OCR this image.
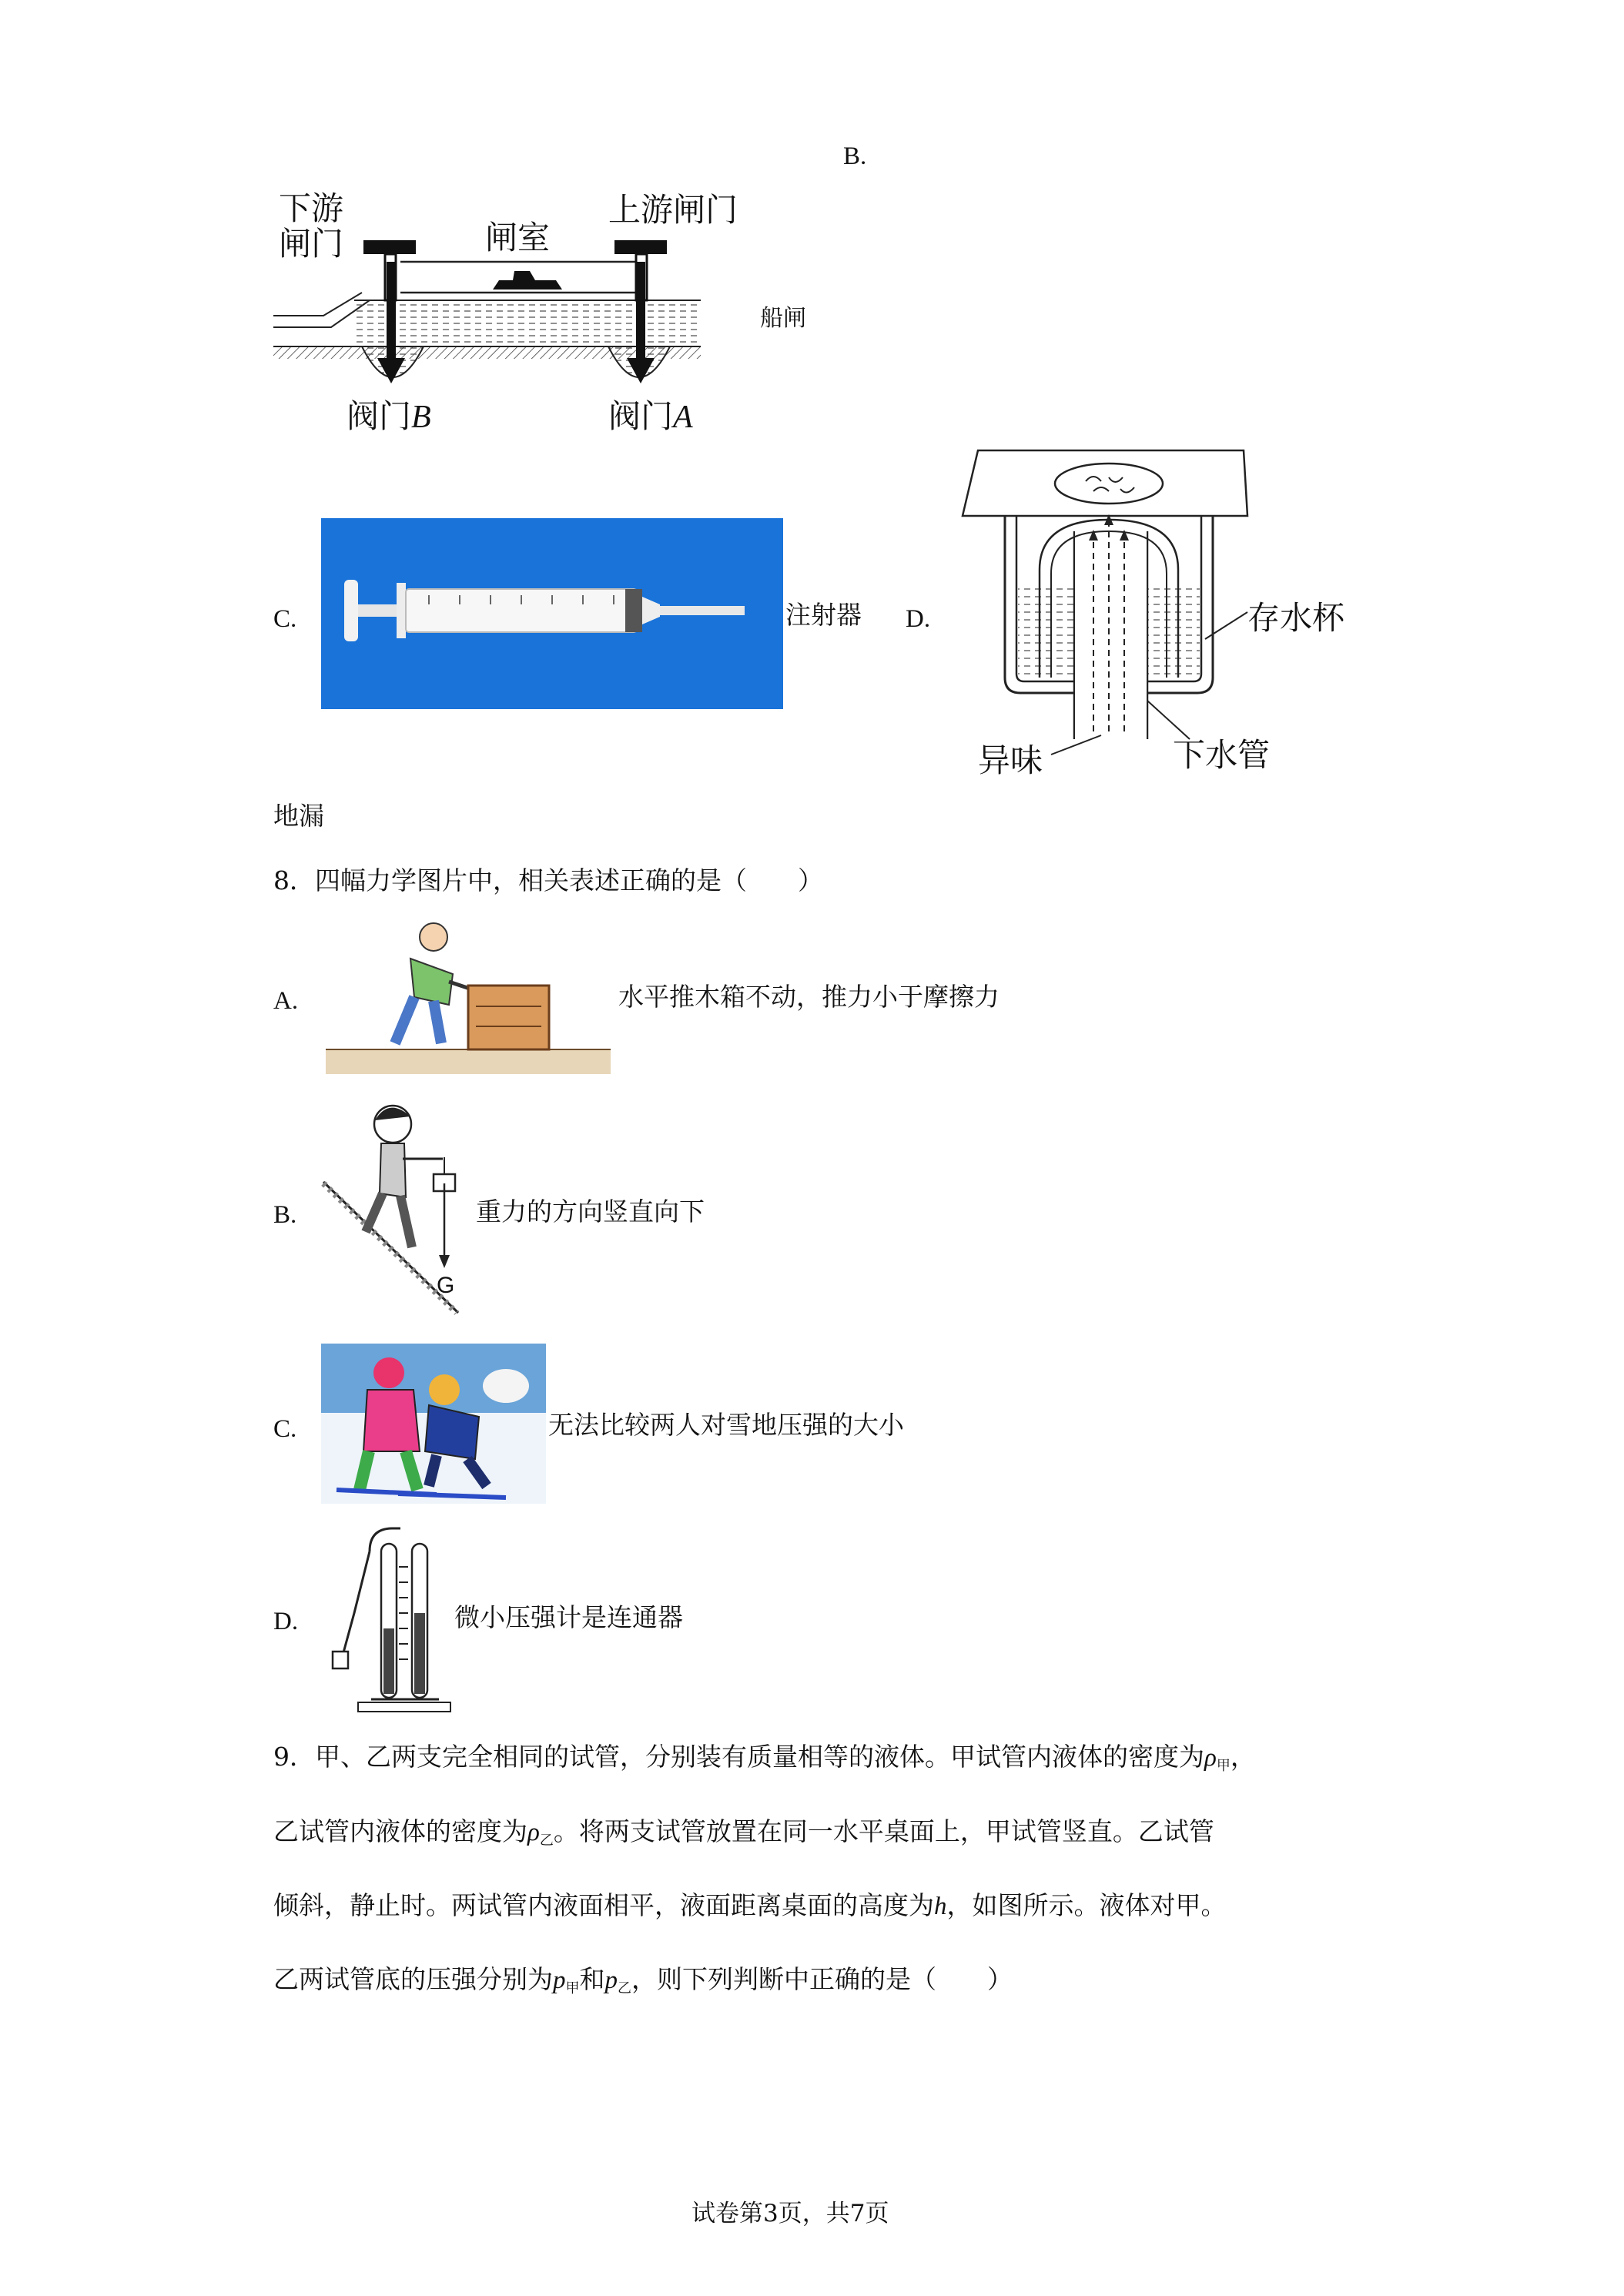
B.
下游
闸门	闸室
上游闸门
船闸
阀门B	阀门A
C.	注射器 D.	存水杯
异味	下水管
地漏
8．四幅力学图片中，相关表述正确的是（　　）
A.	水平推木箱不动，推力小于摩擦力
B.
G
重力的方向竖直向下
C.	无法比较两人对雪地压强的大小
D.	微小压强计是连通器
9．甲、乙两支完全相同的试管，分别装有质量相等的液体。甲试管内液体的密度为$\rho_甲$，
乙试管内液体的密度为$\rho_乙$。将两支试管放置在同一水平桌面上，甲试管竖直。乙试管
倾斜，静止时。两试管内液面相平，液面距离桌面的高度为h，如图所示。液体对甲。
乙两试管底的压强分别为$p_甲$和$p_乙$，则下列判断中正确的是（　　）
试卷第3页，共7页
